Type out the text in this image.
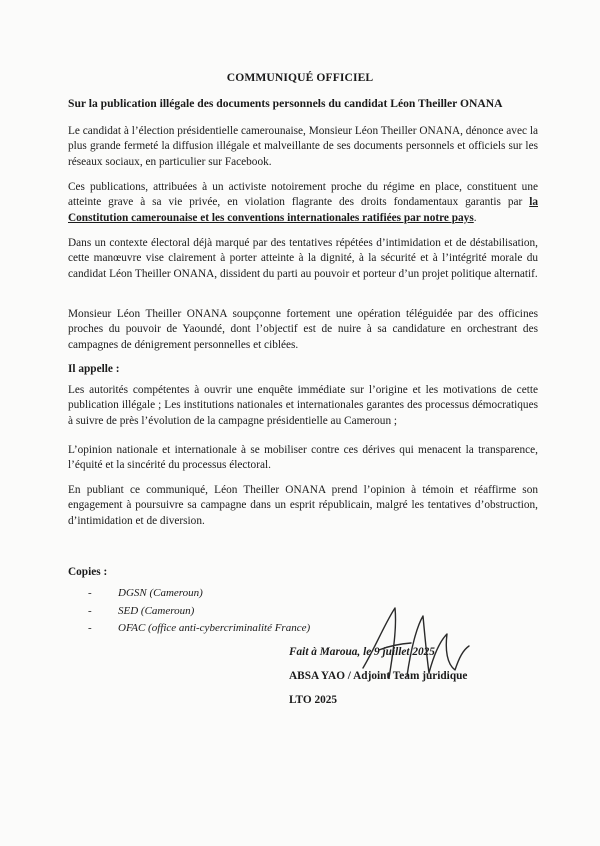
COMMUNIQUÉ OFFICIEL
Sur la publication illégale des documents personnels du candidat Léon Theiller ONANA
Le candidat à l’élection présidentielle camerounaise, Monsieur Léon Theiller ONANA, dénonce avec la plus grande fermeté la diffusion illégale et malveillante de ses documents personnels et officiels sur les réseaux sociaux, en particulier sur Facebook.
Ces publications, attribuées à un activiste notoirement proche du régime en place, constituent une atteinte grave à sa vie privée, en violation flagrante des droits fondamentaux garantis par la Constitution camerounaise et les conventions internationales ratifiées par notre pays.
Dans un contexte électoral déjà marqué par des tentatives répétées d’intimidation et de déstabilisation, cette manœuvre vise clairement à porter atteinte à la dignité, à la sécurité et à l’intégrité morale du candidat Léon Theiller ONANA, dissident du parti au pouvoir et porteur d’un projet politique alternatif.
Monsieur Léon Theiller ONANA soupçonne fortement une opération téléguidée par des officines proches du pouvoir de Yaoundé, dont l’objectif est de nuire à sa candidature en orchestrant des campagnes de dénigrement personnelles et ciblées.
Il appelle :
Les autorités compétentes à ouvrir une enquête immédiate sur l’origine et les motivations de cette publication illégale ; Les institutions nationales et internationales garantes des processus démocratiques à suivre de près l’évolution de la campagne présidentielle au Cameroun ;
L’opinion nationale et internationale à se mobiliser contre ces dérives qui menacent la transparence, l’équité et la sincérité du processus électoral.
En publiant ce communiqué, Léon Theiller ONANA prend l’opinion à témoin et réaffirme son engagement à poursuivre sa campagne dans un esprit républicain, malgré les tentatives d’obstruction, d’intimidation et de diversion.
Copies :
- DGSN (Cameroun)
- SED (Cameroun)
- OFAC (office anti-cybercriminalité France)
Fait à Maroua, le 9 juillet 2025
ABSA YAO / Adjoint Team juridique
LTO 2025
